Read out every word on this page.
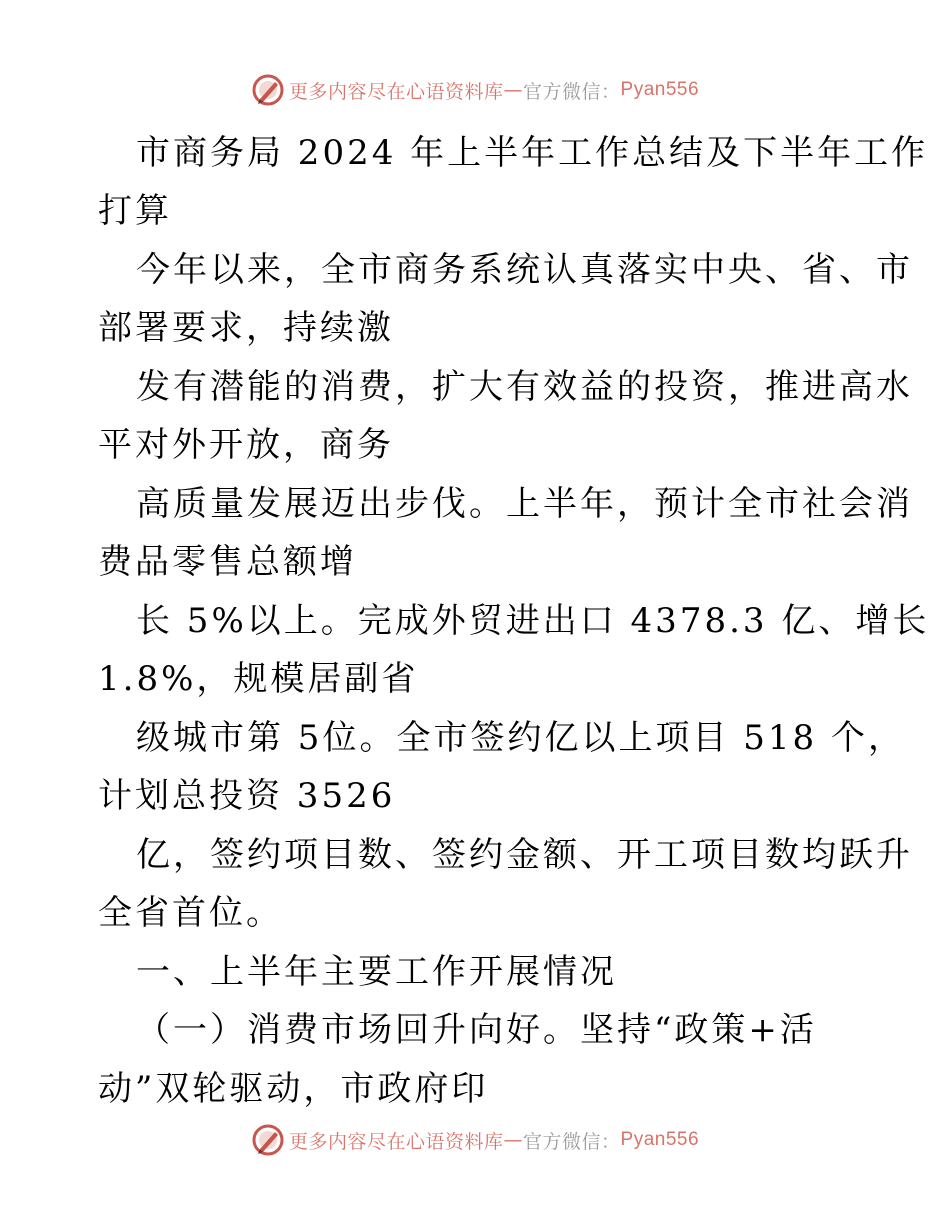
更多内容尽在心语资料库 — 官方微信 ： Pyan556
市商务局 2024 年上半年工作总结及下半年工作
打算
今年以来，全市商务系统认真落实中央、省、市
部署要求，持续激
发有潜能的消费，扩大有效益的投资，推进高水
平对外开放，商务
高质量发展迈出步伐。上半年，预计全市社会消
费品零售总额增
长 5%以上。完成外贸进出口 4378.3 亿、增长
1.8%，规模居副省
级城市第 5位。全市签约亿以上项目 518 个，
计划总投资 3526
亿，签约项目数、签约金额、开工项目数均跃升
全省首位。
一、上半年主要工作开展情况
（一）消费市场回升向好。坚持“政策+活
动”双轮驱动，市政府印
更多内容尽在心语资料库 — 官方微信 ： Pyan556
